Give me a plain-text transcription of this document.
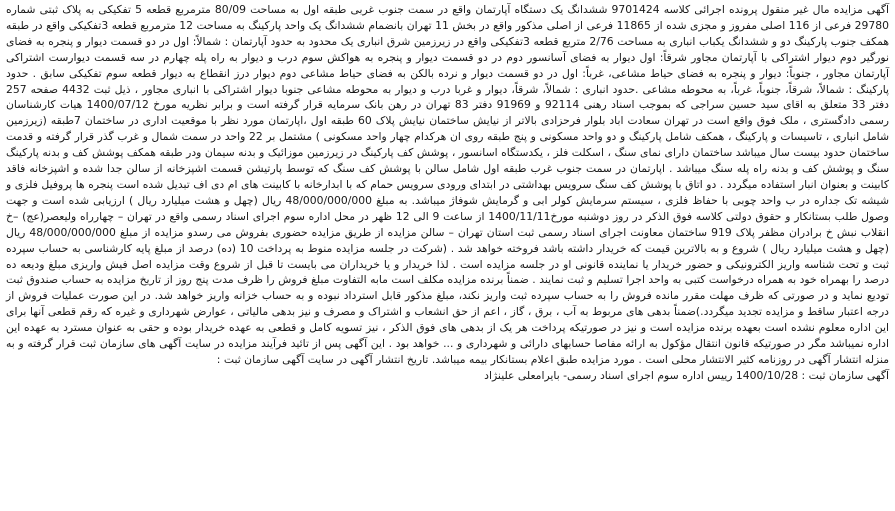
آگهی مزایده مال غیر منقول پرونده اجرائی کلاسه 9701424 ششدانگ یک دستگاه آپارتمان واقع در سمت جنوب غربی طبقه اول به مساحت 80/09 مترمربع قطعه 5 تفکیکی به پلاک ثبتی شماره 29780 فرعی از 116 اصلی مفروز و مجزی شده از 11865 فرعی از اصلی مذکور واقع در بخش 11 تهران بانضمام ششدانگ یک واحد پارکینگ به مساحت 12 مترمربع قطعه 3تفکیکی واقع در طبقه همکف جنوب پارکینگ دو و ششدانگ یکباب انباری به مساحت 2/76 متربع قطعه 3تفکیکی واقع در زیرزمین شرق انباری یک محدود به حدود آپارتمان : شمالاً: اول در دو قسمت دیوار و پنجره به فضای نورگیر دوم دیوار اشتراکی با آپارتمان مجاور شرقاً: اول دیوار به فضای آسانسور دوم در دو قسمت دیوار و پنجره به هواکش سوم درب و دیوار به راه پله چهارم در سه قسمت دیوارست اشتراکی آپارتمان مجاور ، جنوباً: دیوار و پنجره به فضای حیاط مشاعی، غرباً: اول در دو قسمت دیوار و نرده بالکن به فضای حیاط مشاعی دوم دیوار درز انقطاع به دیوار قطعه سوم تفکیکی سابق . حدود پارکینگ : شمالاً، شرقاً، جنوباً، غرباً، به محوطه مشاعی .حدود انباری : شمالاً، شرقاً، دیوار و غربا درب و دیوار به محوطه مشاعی جنوبا دیوار اشتراکی با انباری مجاور ، ذیل ثبت 4432 صفحه 257 دفتر 33 متعلق به اقای سید حسین سراجی که بموجب اسناد رهنی 92114 و 91969 دفتر 83 تهران در رهن بانک سرمایه قرار گرفته است و برابر نظریه مورخ 1400/07/12 هیات کارشناسان رسمی دادگستری ، ملک فوق واقع است در تهران سعادت اباد بلوار فرحزادی بالاتر از نیایش ساختمان نیایش پلاک 60 طبقه اول ،اپارتمان مورد نظر با موقعیت اداری در ساختمان 7طبقه (زیرزمین شامل انباری ، تاسیسات و پارکینگ ، همکف شامل پارکینگ و دو واحد مسکونی و پنج طبقه روی ان هرکدام چهار واحد مسکونی ) مشتمل بر 22 واحد در سمت شمال و غرب گذر قرار گرفته و قدمت ساختمان حدود بیست سال میباشد ساختمان دارای نمای سنگ ، اسکلت فلز ، یکدستگاه اسانسور ، پوشش کف پارکینگ در زیرزمین موزائیک و بدنه سیمان ودر طبقه همکف پوشش کف و بدنه پارکینگ سنگ و پوشش کف و بدنه راه پله سنگ میباشد . اپارتمان در سمت جنوب غرب طبقه اول شامل سالن با پوشش کف سنگ که توسط پارتیشن قسمت اشپزخانه از سالن جدا شده و اشپزخانه فاقد کابینت و بعنوان انبار استفاده میگردد . دو اتاق با پوشش کف سنگ سرویس بهداشتی در ابتدای ورودی سرویس حمام که با ابدارخانه با کابینت های ام دی اف تبدیل شده است پنجره ها پروفیل فلزی و شیشه تک جداره در ب واحد چوبی با حفاظ فلزی ، سیستم سرمایش کولر ابی و گرمایش شوفاژ میباشد. به مبلغ 48/000/000/000 ریال (چهل و هشت میلیارد ریال ) ارزیابی شده است و جهت وصول طلب بستانکار و حقوق دولتی کلاسه فوق الذکر در روز دوشنبه مورخ1400/11/11 از ساعت 9 الی 12 ظهر در محل اداره سوم اجرای اسناد رسمی واقع در تهران – چهارراه ولیعصر(عج) –خ انقلاب نبش خ برادران مظفر پلاک 919 ساختمان معاونت اجرای اسناد رسمی ثبت استان تهران – سالن مزایده از طریق مزایده حضوری بفروش می رسدو مزایده از مبلغ 48/000/000/000 ریال (چهل و هشت میلیارد ریال ) شروع و به بالاترین قیمت که خریدار داشته باشد فروخته خواهد شد . (شرکت در جلسه مزایده منوط به پرداخت 10 (ده) درصد از مبلغ پایه کارشناسی به حساب سپرده ثبت و تحت شناسه واریز الکترونیکی و حضور خریدار یا نماینده قانونی او در جلسه مزایده است . لذا خریدار و یا خریداران می بایست تا قبل از شروع وقت مزایده اصل فیش واریزی مبلغ ودیعه ده درصد را بهمراه خود به همراه درخواست کتبی به واحد اجرا تسلیم و ثبت نمایند . ضمناً برنده مزایده مکلف است مابه التفاوت مبلغ فروش را ظرف مدت پنج روز از تاریخ مزایده به حساب صندوق ثبت تودیع نماید و در صورتی که ظرف مهلت مقرر مانده فروش را به حساب سپرده ثبت واریز نکند، مبلغ مذکور قابل استرداد نبوده و به حساب خزانه واریز خواهد شد. در این صورت عملیات فروش از درجه اعتبار ساقط و مزایده تجدید میگردد.)ضمناً بدهی های مربوط به آب ، برق ، گاز ، اعم از حق انشعاب و اشتراک و مصرف و نیز بدهی مالیاتی ، عوارض شهرداری و غیره که رقم قطعی آنها برای این اداره معلوم نشده است بعهده برنده مزایده است و نیز در صورتیکه پرداخت هر یک از بدهی های فوق الذکر ، نیز تسویه کامل و قطعی به عهده خریدار بوده و حقی به عنوان مسترد به عهده این اداره نمیباشد مگر در صورتیکه قانون انتقال مؤکول به ارائه مفاصا حسابهای دارائی و شهرداری و ... خواهد بود . این آگهی پس از تائید فرآیند مزایده در سایت آگهی های سازمان ثبت قرار گرفته و به منزله انتشار آگهی در روزنامه کثیر الانتشار محلی است . مورد مزایده طبق اعلام بستانکار بیمه میباشد. تاریخ انتشار آگهی در سایت آگهی سازمان ثبت :

آگهی سازمان ثبت : 1400/10/28 رییس اداره سوم اجرای اسناد رسمی- بایرامعلی علینژاد
